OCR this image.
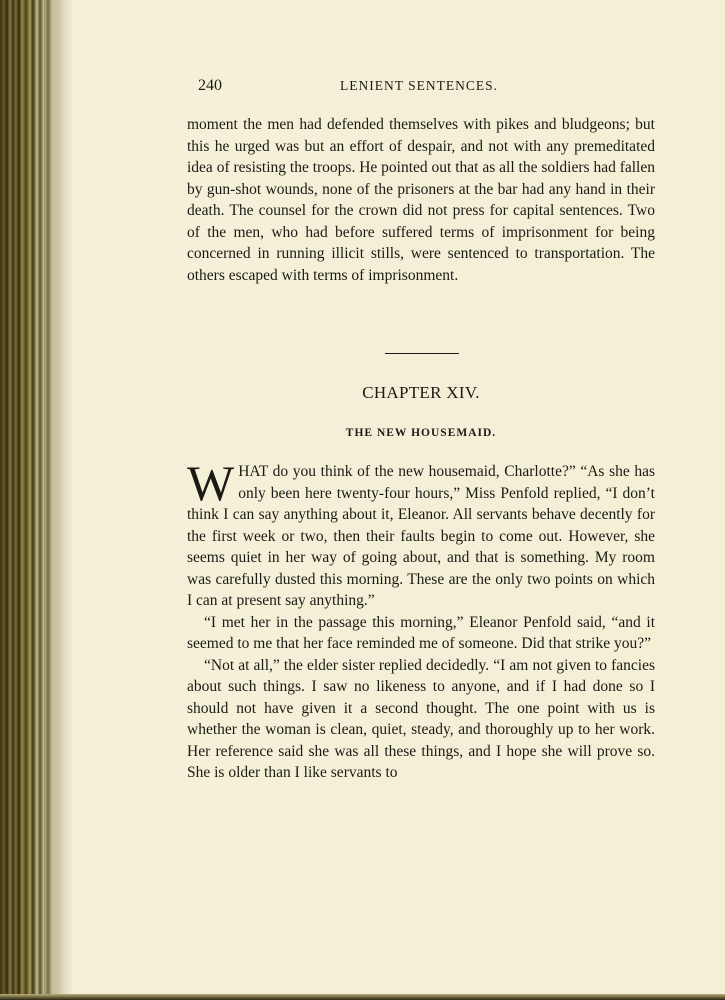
240	LENIENT SENTENCES.

moment the men had defended themselves with pikes and bludgeons; but this he urged was but an effort of despair, and not with any premeditated idea of resisting the troops. He pointed out that as all the soldiers had fallen by gun-shot wounds, none of the prisoners at the bar had any hand in their death. The counsel for the crown did not press for capital sentences. Two of the men, who had before suffered terms of imprisonment for being concerned in running illicit stills, were sentenced to transportation. The others escaped with terms of imprisonment.

CHAPTER XIV.
THE NEW HOUSEMAID.

WHAT do you think of the new housemaid, Charlotte?” “As she has only been here twenty-four hours,” Miss Penfold replied, “I don’t think I can say anything about it, Eleanor. All servants behave decently for the first week or two, then their faults begin to come out. However, she seems quiet in her way of going about, and that is something. My room was carefully dusted this morning. These are the only two points on which I can at present say anything.”

“I met her in the passage this morning,” Eleanor Penfold said, “and it seemed to me that her face reminded me of someone. Did that strike you?”

“Not at all,” the elder sister replied decidedly. “I am not given to fancies about such things. I saw no likeness to anyone, and if I had done so I should not have given it a second thought. The one point with us is whether the woman is clean, quiet, steady, and thoroughly up to her work. Her reference said she was all these things, and I hope she will prove so. She is older than I like servants to
